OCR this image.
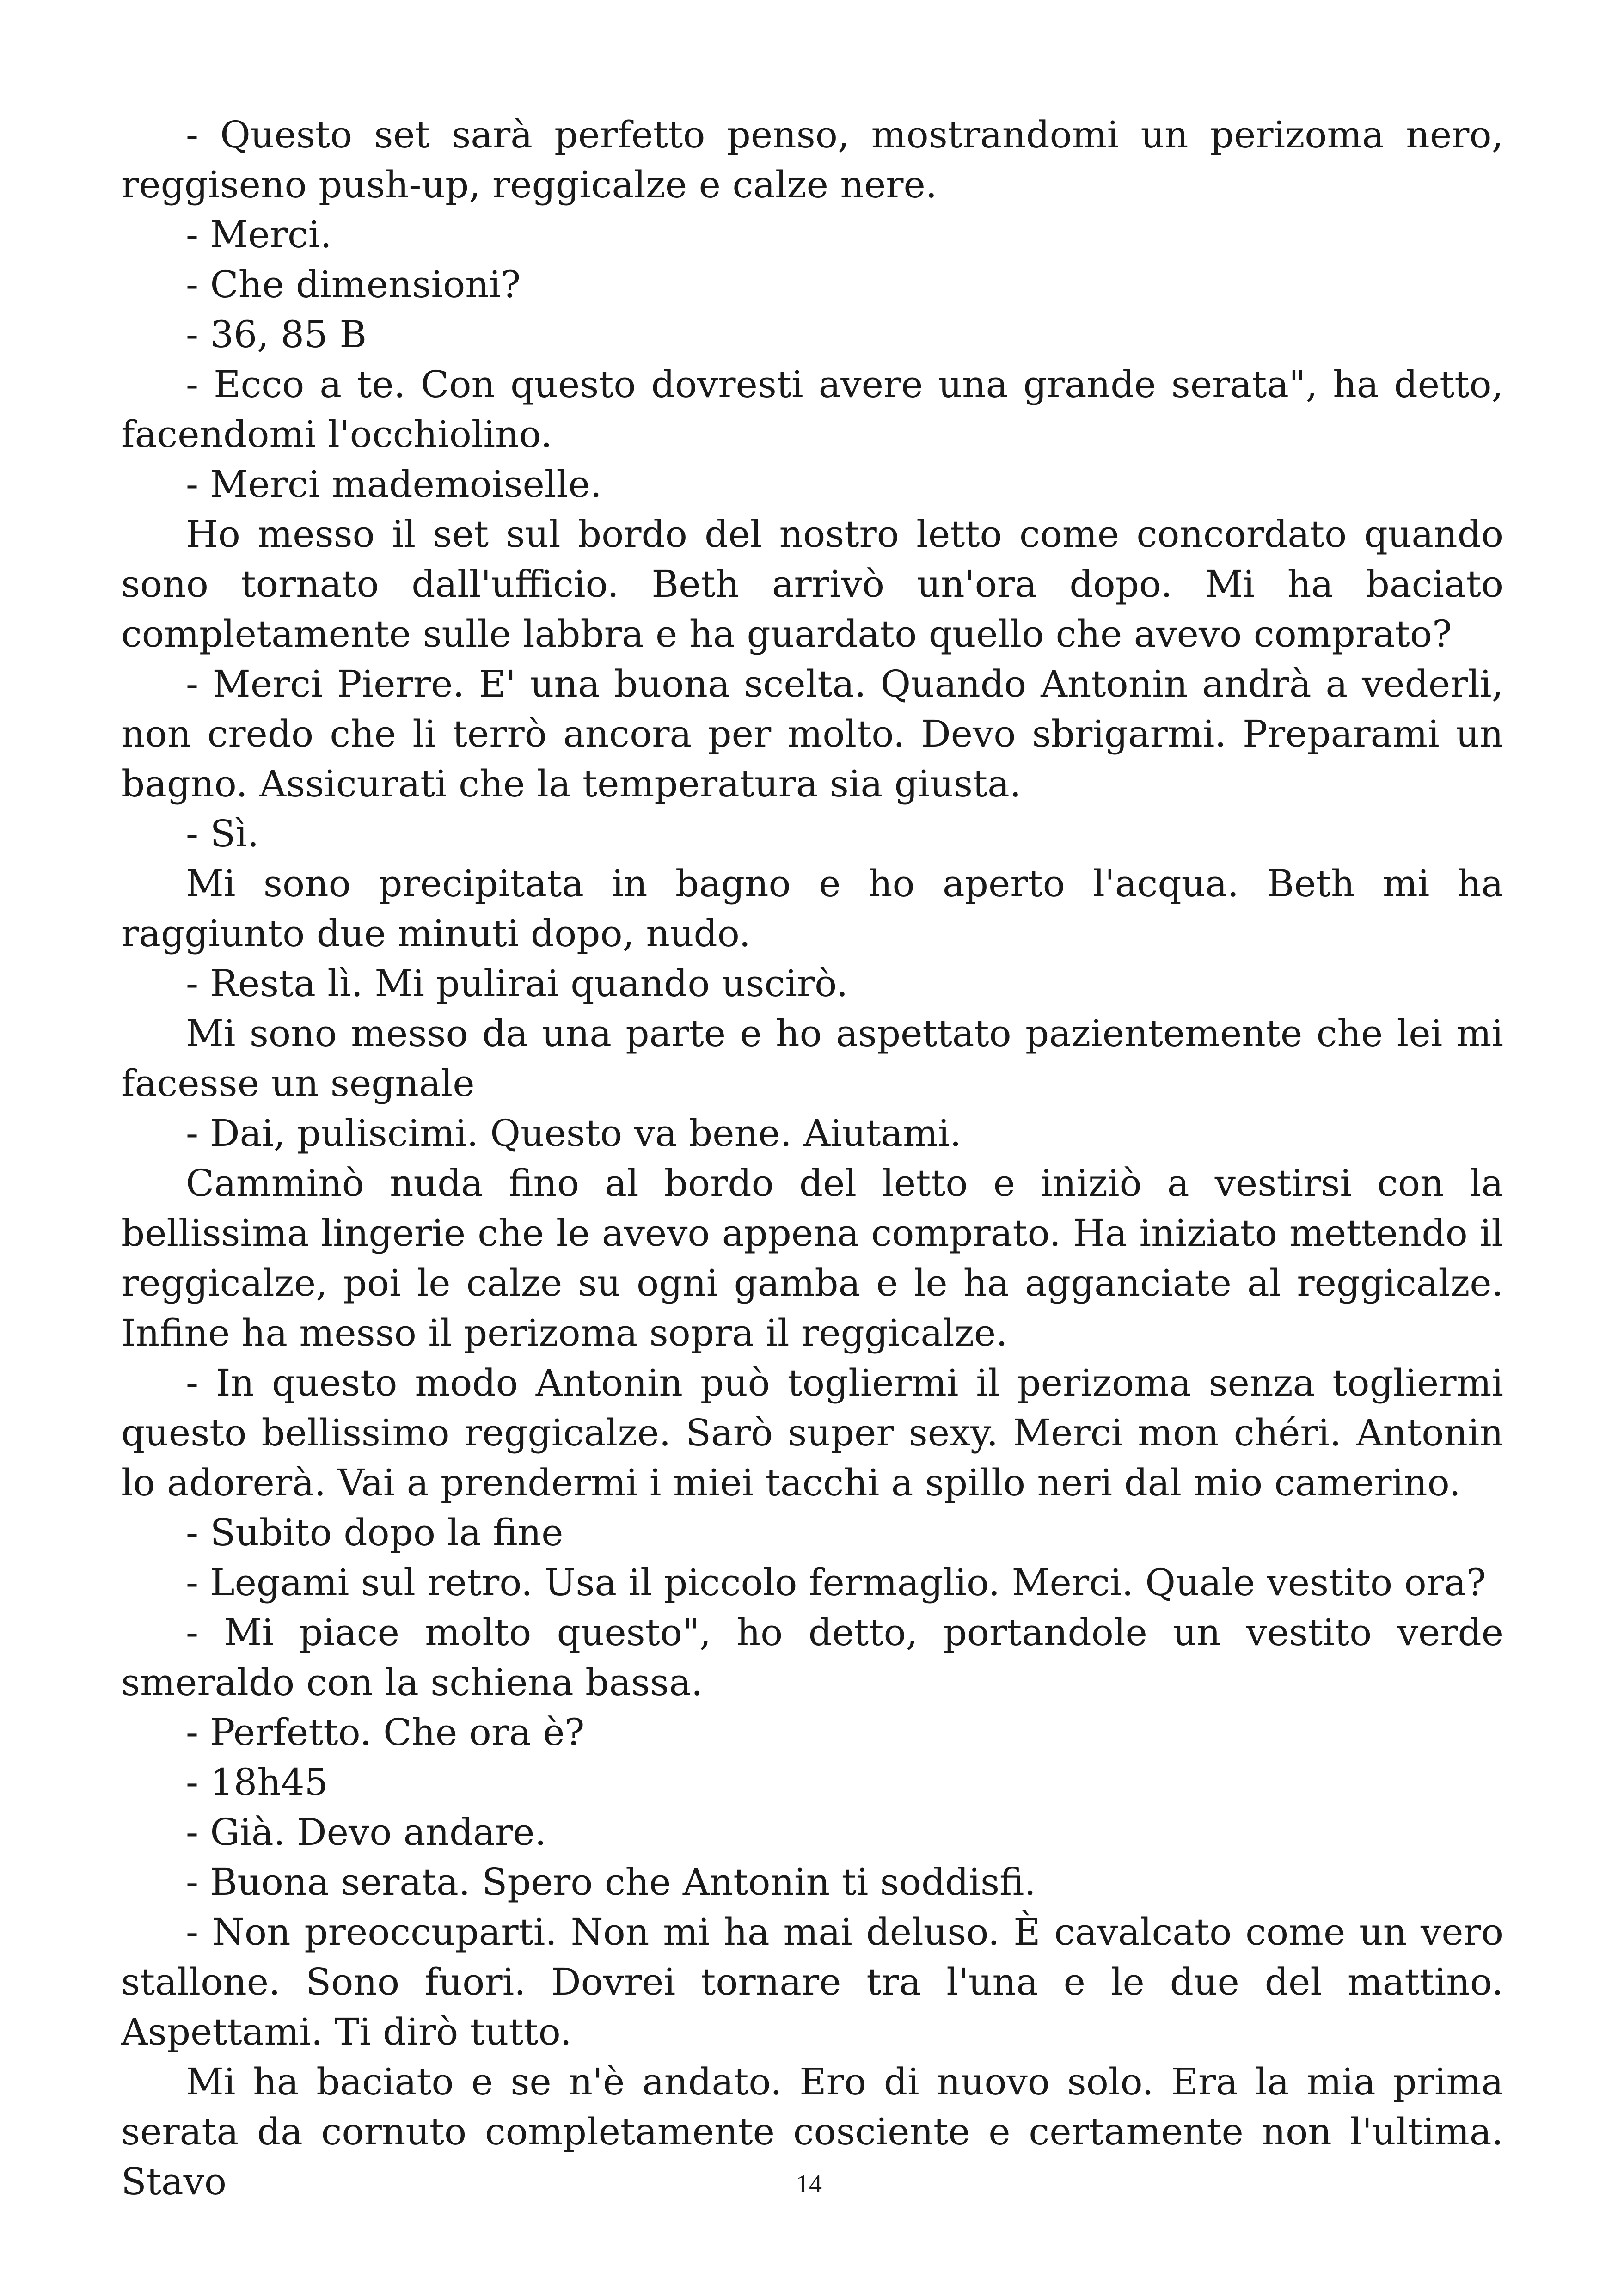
- Questo set sarà perfetto penso, mostrandomi un perizoma nero, reggiseno push-up, reggicalze e calze nere.

- Merci.

- Che dimensioni?

- 36, 85 B

- Ecco a te. Con questo dovresti avere una grande serata", ha detto, facendomi l'occhiolino.

- Merci mademoiselle.

Ho messo il set sul bordo del nostro letto come concordato quando sono tornato dall'ufficio. Beth arrivò un'ora dopo. Mi ha baciato completamente sulle labbra e ha guardato quello che avevo comprato?

- Merci Pierre. E' una buona scelta. Quando Antonin andrà a vederli, non credo che li terrò ancora per molto. Devo sbrigarmi. Preparami un bagno. Assicurati che la temperatura sia giusta.

- Sì.

Mi sono precipitata in bagno e ho aperto l'acqua. Beth mi ha raggiunto due minuti dopo, nudo.

- Resta lì. Mi pulirai quando uscirò.

Mi sono messo da una parte e ho aspettato pazientemente che lei mi facesse un segnale

- Dai, puliscimi. Questo va bene. Aiutami.

Camminò nuda fino al bordo del letto e iniziò a vestirsi con la bellissima lingerie che le avevo appena comprato. Ha iniziato mettendo il reggicalze, poi le calze su ogni gamba e le ha agganciate al reggicalze. Infine ha messo il perizoma sopra il reggicalze.

- In questo modo Antonin può togliermi il perizoma senza togliermi questo bellissimo reggicalze. Sarò super sexy. Merci mon chéri. Antonin lo adorerà. Vai a prendermi i miei tacchi a spillo neri dal mio camerino.

- Subito dopo la fine

- Legami sul retro. Usa il piccolo fermaglio. Merci. Quale vestito ora?

- Mi piace molto questo", ho detto, portandole un vestito verde smeraldo con la schiena bassa.

- Perfetto. Che ora è?

- 18h45

- Già. Devo andare.

- Buona serata. Spero che Antonin ti soddisfi.

- Non preoccuparti. Non mi ha mai deluso. È cavalcato come un vero stallone. Sono fuori. Dovrei tornare tra l'una e le due del mattino. Aspettami. Ti dirò tutto.

Mi ha baciato e se n'è andato. Ero di nuovo solo. Era la mia prima serata da cornuto completamente cosciente e certamente non l'ultima. Stavo	14
